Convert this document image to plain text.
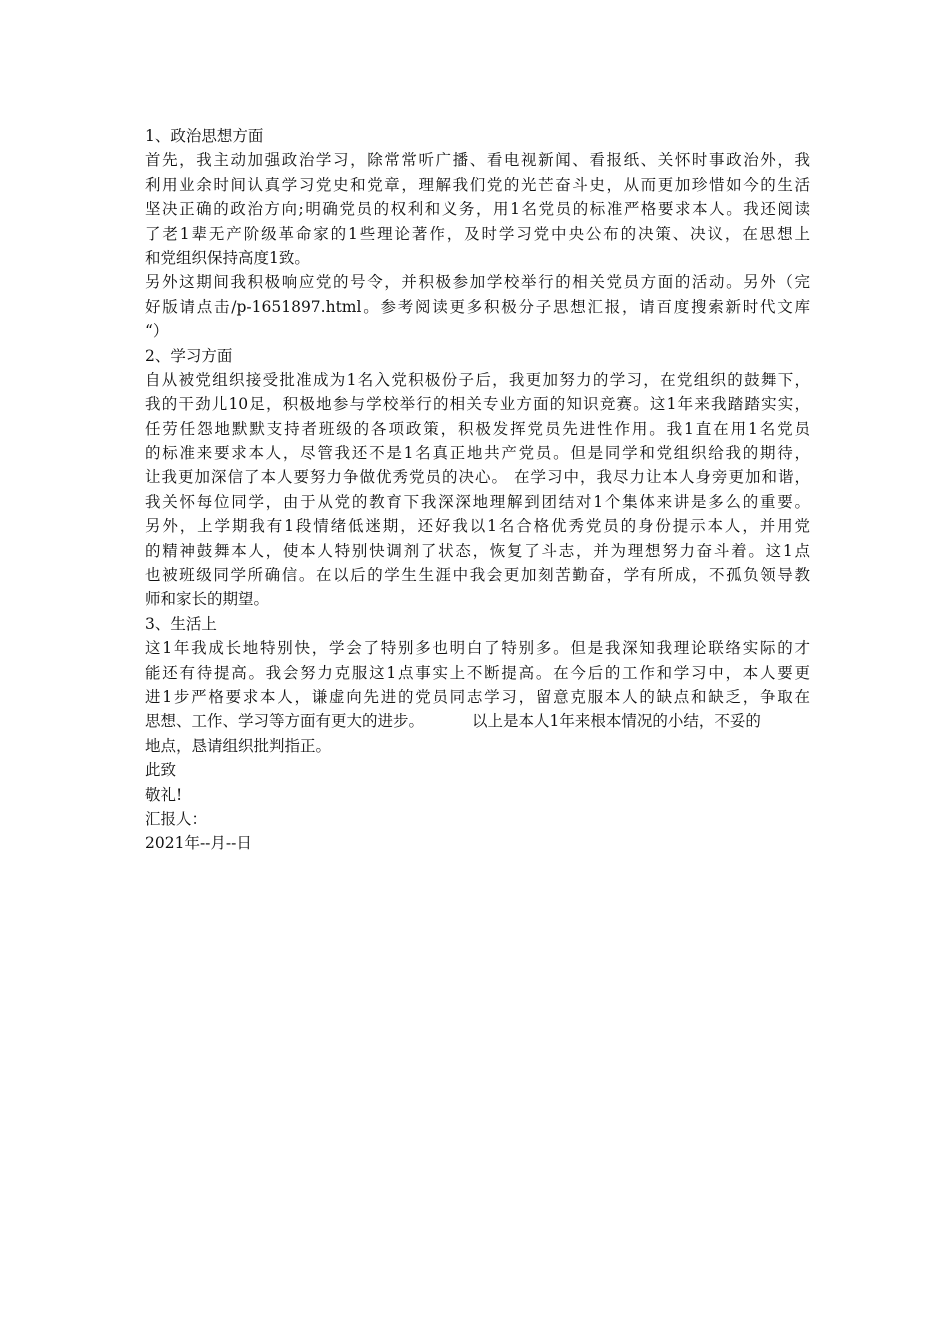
1、政治思想方面
首先，我主动加强政治学习，除常常听广播、看电视新闻、看报纸、关怀时事政治外，我
利用业余时间认真学习党史和党章，理解我们党的光芒奋斗史，从而更加珍惜如今的生活
坚决正确的政治方向;明确党员的权利和义务，用1名党员的标准严格要求本人。我还阅读
了老1辈无产阶级革命家的1些理论著作，及时学习党中央公布的决策、决议，在思想上
和党组织保持高度1致。
另外这期间我积极响应党的号令，并积极参加学校举行的相关党员方面的活动。另外（完
好版请点击/p-1651897.html。参考阅读更多积极分子思想汇报，请百度搜索新时代文库
“）
2、学习方面
自从被党组织接受批准成为1名入党积极份子后，我更加努力的学习，在党组织的鼓舞下，
我的干劲儿10足，积极地参与学校举行的相关专业方面的知识竞赛。这1年来我踏踏实实，
任劳任怨地默默支持者班级的各项政策，积极发挥党员先进性作用。我1直在用1名党员
的标准来要求本人，尽管我还不是1名真正地共产党员。但是同学和党组织给我的期待，
让我更加深信了本人要努力争做优秀党员的决心。 在学习中，我尽力让本人身旁更加和谐，
我关怀每位同学，由于从党的教育下我深深地理解到团结对1个集体来讲是多么的重要。
另外，上学期我有1段情绪低迷期，还好我以1名合格优秀党员的身份提示本人，并用党
的精神鼓舞本人，使本人特别快调剂了状态，恢复了斗志，并为理想努力奋斗着。这1点
也被班级同学所确信。在以后的学生生涯中我会更加刻苦勤奋，学有所成，不孤负领导教
师和家长的期望。
3、生活上
这1年我成长地特别快，学会了特别多也明白了特别多。但是我深知我理论联络实际的才
能还有待提高。我会努力克服这1点事实上不断提高。在今后的工作和学习中，本人要更
进1步严格要求本人，谦虚向先进的党员同志学习，留意克服本人的缺点和缺乏，争取在
思想、工作、学习等方面有更大的进步。	以上是本人1年来根本情况的小结，不妥的
地点，恳请组织批判指正。
此致
敬礼!
汇报人：
2021年--月--日
